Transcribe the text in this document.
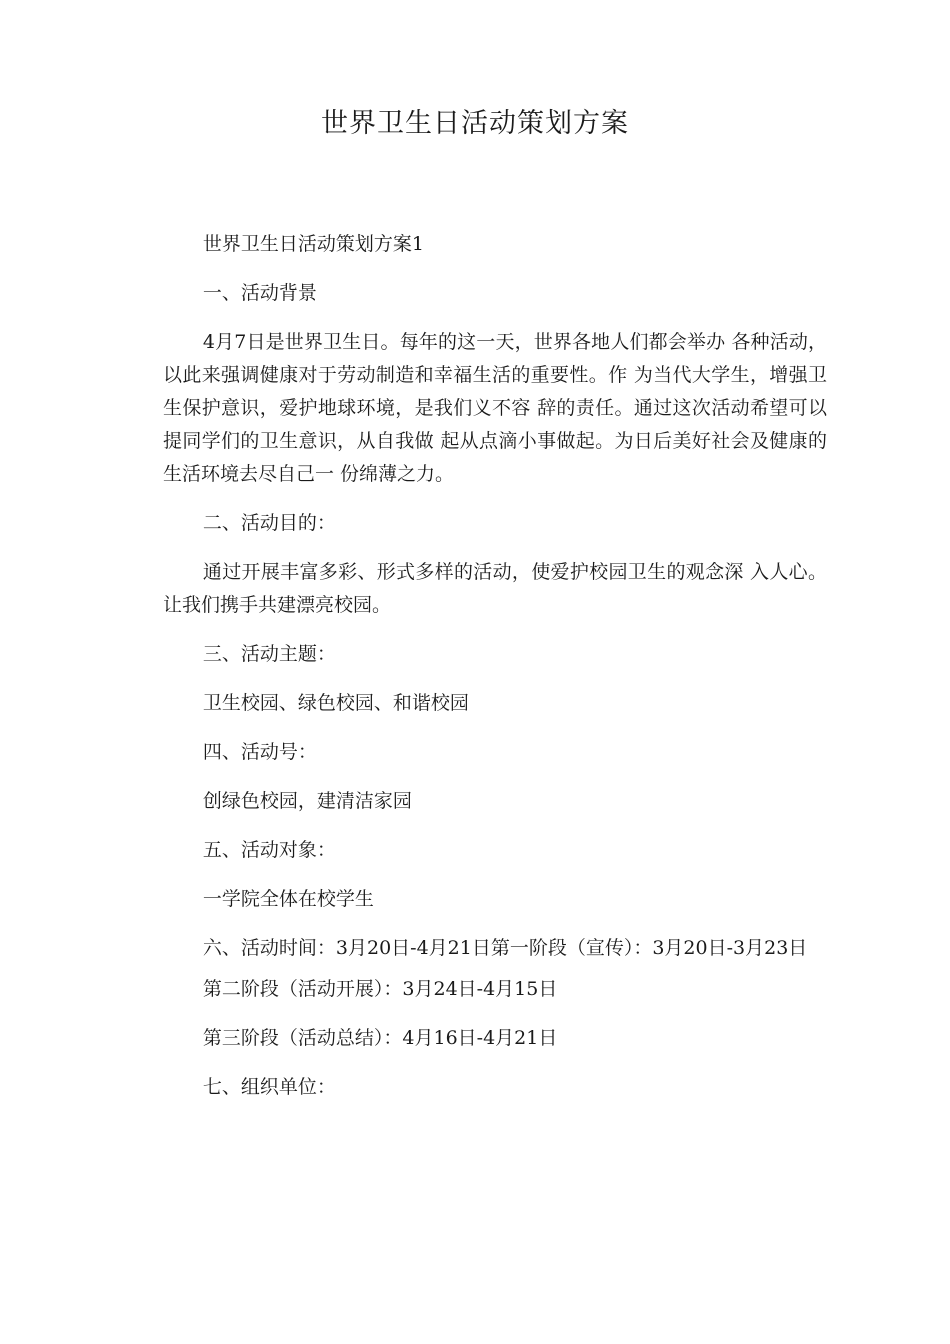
世界卫生日活动策划方案

世界卫生日活动策划方案1

一、活动背景

4月7日是世界卫生日。每年的这一天，世界各地人们都会举办 各种活动，以此来强调健康对于劳动制造和幸福生活的重要性。作 为当代大学生，增强卫生保护意识，爱护地球环境，是我们义不容 辞的责任。通过这次活动希望可以提同学们的卫生意识，从自我做 起从点滴小事做起。为日后美好社会及健康的生活环境去尽自己一 份绵薄之力。

二、活动目的：

通过开展丰富多彩、形式多样的活动，使爱护校园卫生的观念深 入人心。让我们携手共建漂亮校园。

三、活动主题：

卫生校园、绿色校园、和谐校园

四、活动号：

创绿色校园，建清洁家园

五、活动对象：

一学院全体在校学生

六、活动时间：3月20日-4月21日第一阶段（宣传）：3月20日-3月23日

第二阶段（活动开展）：3月24日-4月15日

第三阶段（活动总结）：4月16日-4月21日

七、组织单位：
